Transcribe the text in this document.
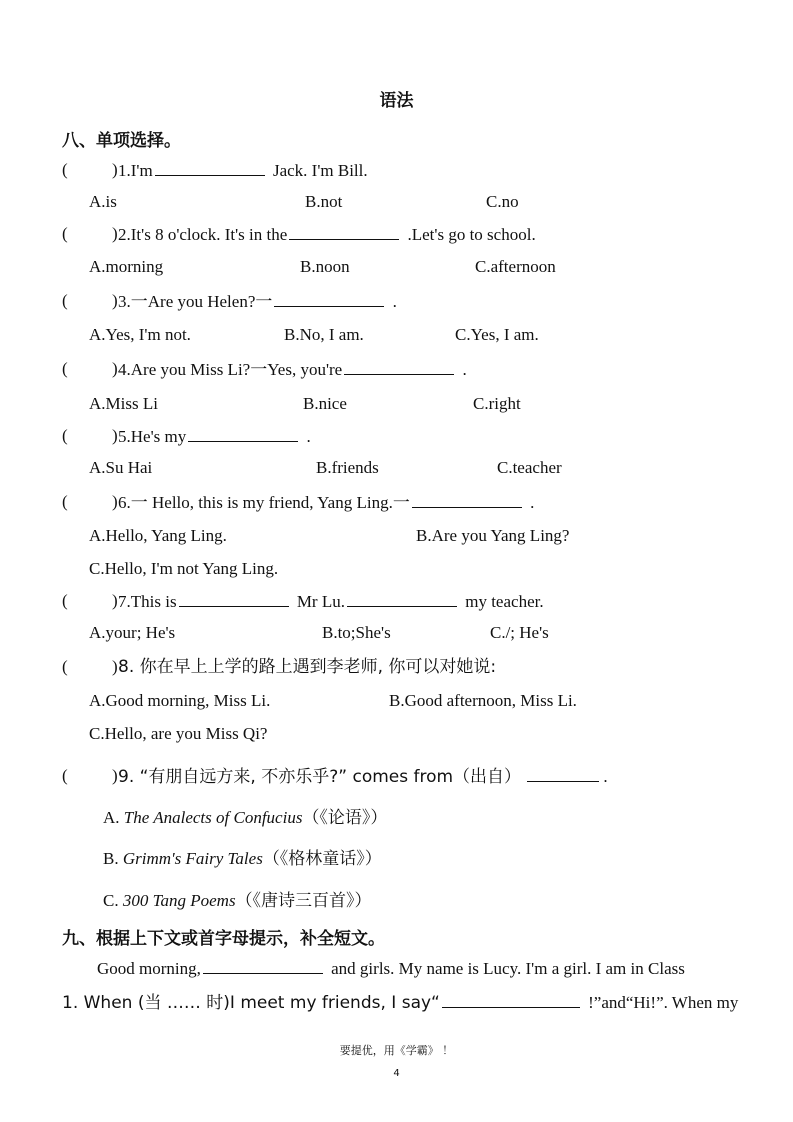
语法
八、单项选择。
(	) 1.I'm	Jack. I'm Bill.
A.is	B.not	C.no
(	) 2.It's 8 o'clock. It's in the	.Let's go to school.
A.morning	B.noon	C.afternoon
(	) 3.一Are you Helen?一	.
A.Yes, I'm not.	B.No, I am.	C.Yes, I am.
(	) 4.Are you Miss Li?一Yes, you're	.
A.Miss Li	B.nice	C.right
(	) 5.He's my	.
A.Su Hai	B.friends	C.teacher
(	) 6.一 Hello, this is my friend, Yang Ling.一	.
A.Hello, Yang Ling.	B.Are you Yang Ling?
C.Hello, I'm not Yang Ling.
(	) 7.This is	Mr Lu.	my teacher.
A.your; He's	B.to;She's	C./; He's
(	) 8. 你在早上上学的路上遇到李老师, 你可以对她说:
A.Good morning, Miss Li.	B.Good afternoon, Miss Li.
C.Hello, are you Miss Qi?
(	) 9. “有朋自远方来, 不亦乐乎?” comes from（出自）	.
A. The Analects of Confucius（《论语》）
B. Grimm's Fairy Tales（《格林童话》）
C. 300 Tang Poems（《唐诗三百首》）
九、根据上下文或首字母提示，补全短文。
Good morning,	and girls. My name is Lucy. I'm a girl. I am in Class
1. When (当 …… 时)I meet my friends, I say“	!”and“Hi!”. When my
要提优，用《学霸》 ！
4
